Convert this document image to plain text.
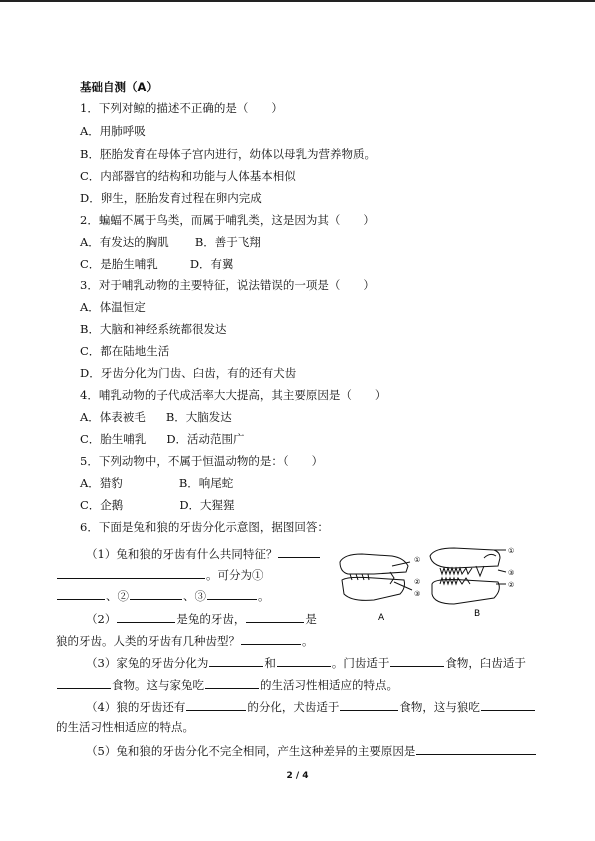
基础自测（A）
1．下列对鲸的描述不正确的是（　　）
A．用肺呼吸
B．胚胎发育在母体子宫内进行，幼体以母乳为营养物质。
C．内部器官的结构和功能与人体基本相似
D．卵生，胚胎发育过程在卵内完成
2．蝙蝠不属于鸟类，而属于哺乳类，这是因为其（　　）
A．有发达的胸肌 B．善于飞翔
C．是胎生哺乳	D．有翼
3．对于哺乳动物的主要特征，说法错误的一项是（　　）
A．体温恒定
B．大脑和神经系统都很发达
C．都在陆地生活
D．牙齿分化为门齿、臼齿，有的还有犬齿
4．哺乳动物的子代成活率大大提高，其主要原因是（　　）
A．体表被毛 B．大脑发达
C．胎生哺乳 D．活动范围广
5．下列动物中，不属于恒温动物的是：（　　）
A．猎豹	B．响尾蛇
C．企鹅	D．大猩猩
6．下面是兔和狼的牙齿分化示意图，据图回答：
（1）兔和狼的牙齿有什么共同特征？
。可分为①
、②	、③	。
（2）	是兔的牙齿，	是
狼的牙齿。人类的牙齿有几种齿型？	。
（3）家兔的牙齿分化为	和	。门齿适于	食物，臼齿适于
食物。这与家兔吃	的生活习性相适应的特点。
（4）狼的牙齿还有	的分化，犬齿适于	食物，这与狼吃
的生活习性相适应的特点。
（5）兔和狼的牙齿分化不完全相同，产生这种差异的主要原因是
①
②
③
①
③
②
A	B
2 / 4
